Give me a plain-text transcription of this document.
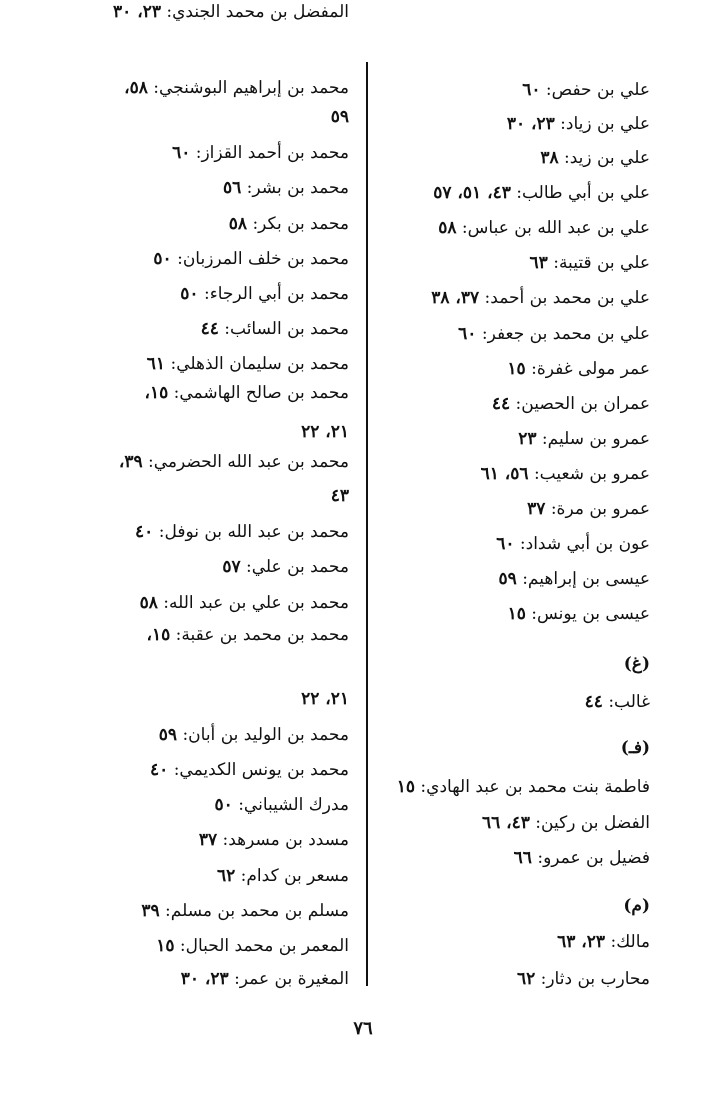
علي بن حفص: ٦٠
علي بن زياد: ٢٣، ٣٠
علي بن زيد: ٣٨
علي بن أبي طالب: ٤٣، ٥١، ٥٧
علي بن عبد الله بن عباس: ٥٨
علي بن قتيبة: ٦٣
علي بن محمد بن أحمد: ٣٧، ٣٨
علي بن محمد بن جعفر: ٦٠
عمر مولى غفرة: ١٥
عمران بن الحصين: ٤٤
عمرو بن سليم: ٢٣
عمرو بن شعيب: ٥٦، ٦١
عمرو بن مرة: ٣٧
عون بن أبي شداد: ٦٠
عيسى بن إبراهيم: ٥٩
عيسى بن يونس: ١٥
(غ)
غالب: ٤٤
(فـ)
فاطمة بنت محمد بن عبد الهادي: ١٥
الفضل بن ركين: ٤٣، ٦٦
فضيل بن عمرو: ٦٦
(م)
مالك: ٢٣، ٦٣
محارب بن دثار: ٦٢
محمد بن إبراهيم البوشنجي: ٥٨،
٥٩
محمد بن أحمد القزاز: ٦٠
محمد بن بشر: ٥٦
محمد بن بكر: ٥٨
محمد بن خلف المرزبان: ٥٠
محمد بن أبي الرجاء: ٥٠
محمد بن السائب: ٤٤
محمد بن سليمان الذهلي: ٦١
محمد بن صالح الهاشمي: ١٥،
٢١، ٢٢
محمد بن عبد الله الحضرمي: ٣٩،
٤٣
محمد بن عبد الله بن نوفل: ٤٠
محمد بن علي: ٥٧
محمد بن علي بن عبد الله: ٥٨
محمد بن محمد بن عقبة: ١٥،
٢١، ٢٢
محمد بن الوليد بن أبان: ٥٩
محمد بن يونس الكديمي: ٤٠
مدرك الشيباني: ٥٠
مسدد بن مسرهد: ٣٧
مسعر بن كدام: ٦٢
مسلم بن محمد بن مسلم: ٣٩
المعمر بن محمد الحبال: ١٥
المغيرة بن عمر: ٢٣، ٣٠
المفضل بن محمد الجندي: ٢٣، ٣٠
٧٦
